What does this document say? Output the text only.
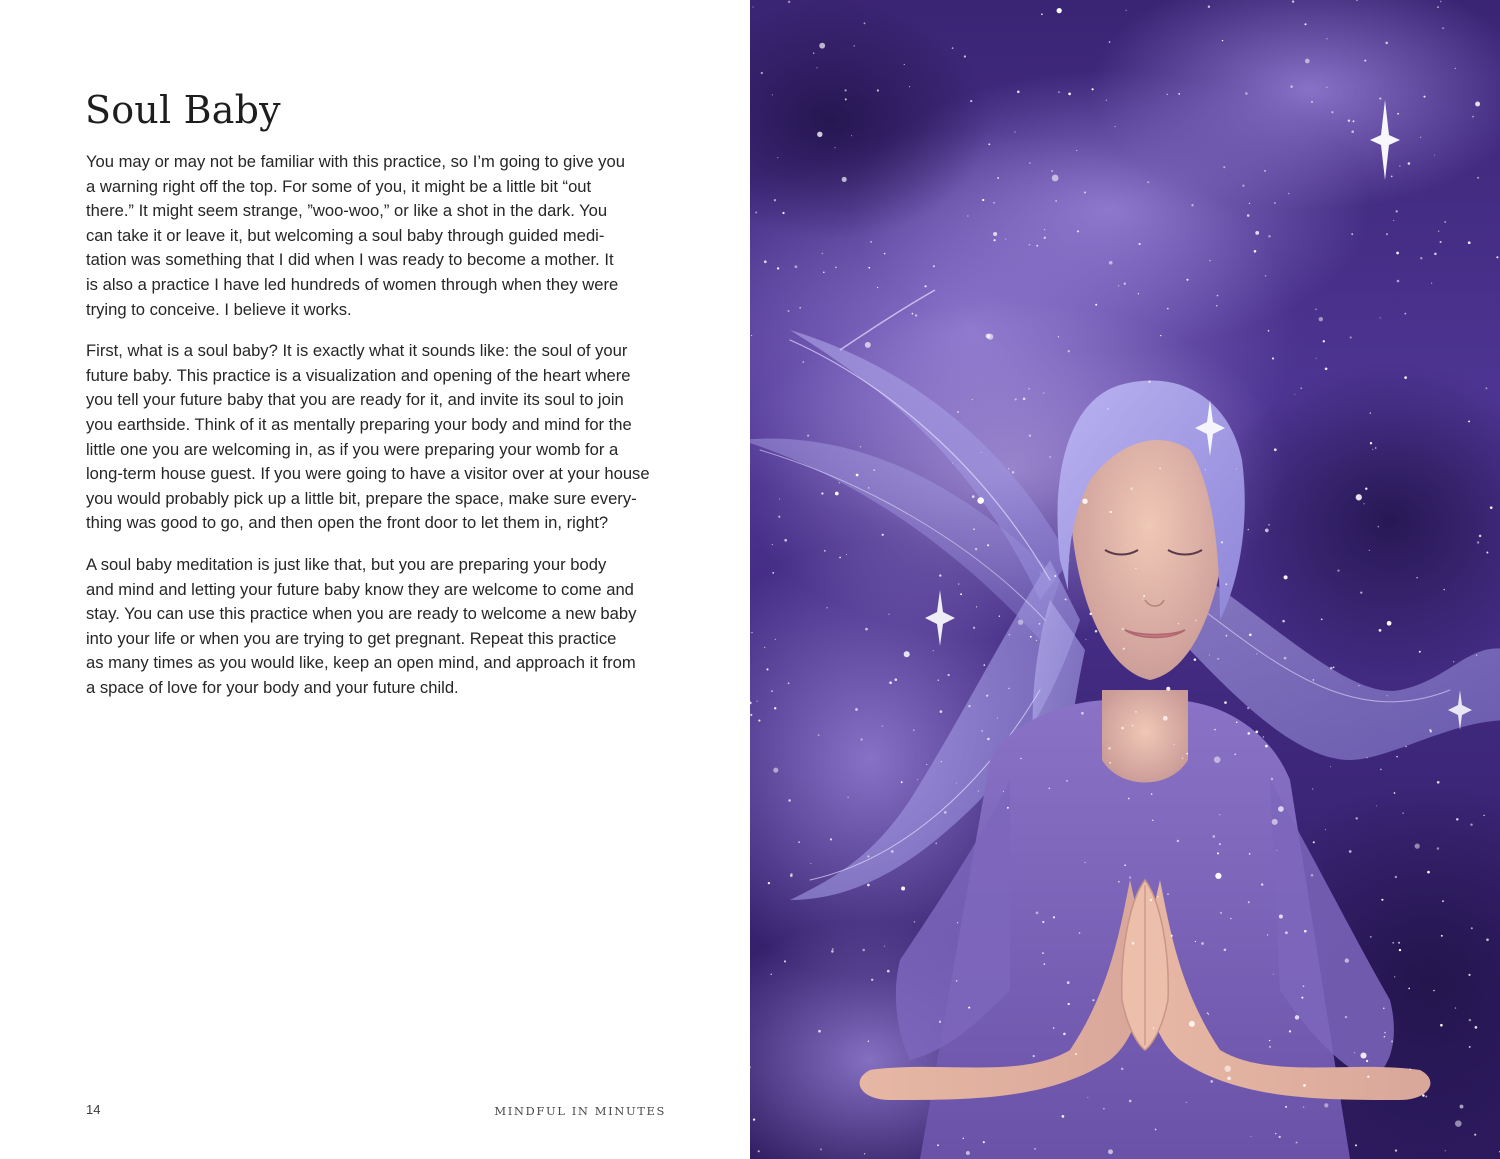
Soul Baby

You may or may not be familiar with this practice, so I’m going to give you
a warning right off the top. For some of you, it might be a little bit “out
there.” It might seem strange, ”woo-woo,” or like a shot in the dark. You
can take it or leave it, but welcoming a soul baby through guided medi-
tation was something that I did when I was ready to become a mother. It
is also a practice I have led hundreds of women through when they were
trying to conceive. I believe it works.

First, what is a soul baby? It is exactly what it sounds like: the soul of your
future baby. This practice is a visualization and opening of the heart where
you tell your future baby that you are ready for it, and invite its soul to join
you earthside. Think of it as mentally preparing your body and mind for the
little one you are welcoming in, as if you were preparing your womb for a
long-term house guest. If you were going to have a visitor over at your house
you would probably pick up a little bit, prepare the space, make sure every-
thing was good to go, and then open the front door to let them in, right?

A soul baby meditation is just like that, but you are preparing your body
and mind and letting your future baby know they are welcome to come and
stay. You can use this practice when you are ready to welcome a new baby
into your life or when you are trying to get pregnant. Repeat this practice
as many times as you would like, keep an open mind, and approach it from
a space of love for your body and your future child.

14	MINDFUL IN MINUTES
